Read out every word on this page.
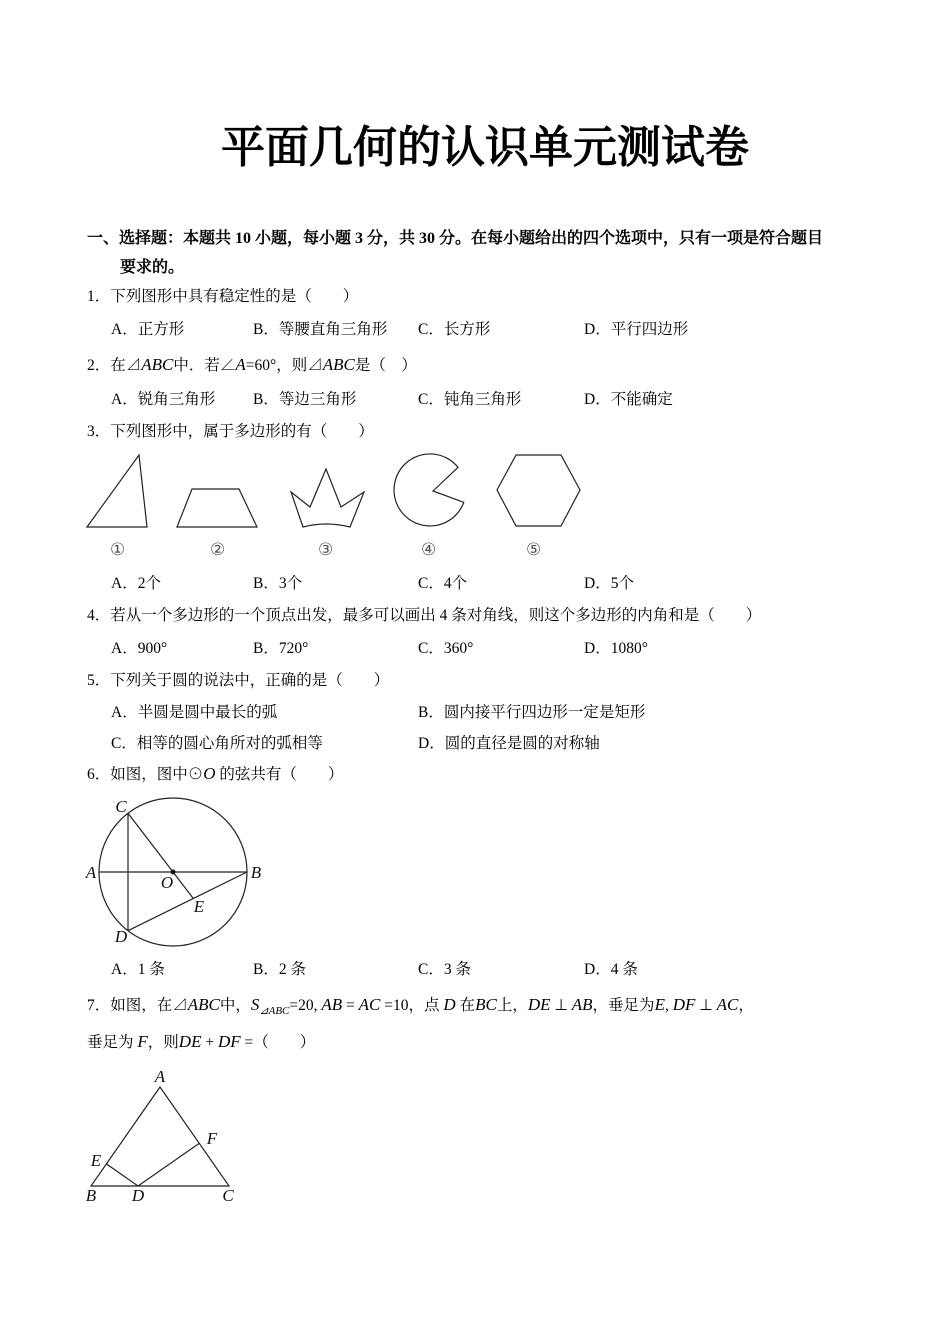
平面几何的认识单元测试卷
一、选择题：本题共 10 小题，每小题 3 分，共 30 分。在每小题给出的四个选项中，只有一项是符合题目
要求的。
1．下列图形中具有稳定性的是（　　）
A．正方形	B．等腰直角三角形 C．长方形	D．平行四边形
2．在⊿ABC中．若∠A=60°，则⊿ABC是（　）
A．锐角三角形 B．等边三角形	C．钝角三角形	D．不能确定
3．下列图形中，属于多边形的有（　　）
①	②	③	④	⑤
A．2个	B．3个	C．4个	D．5个
4．若从一个多边形的一个顶点出发，最多可以画出 4 条对角线，则这个多边形的内角和是（　　）
A．900°	B．720°	C．360°	D．1080°
5．下列关于圆的说法中，正确的是（　　）
A．半圆是圆中最长的弧	B．圆内接平行四边形一定是矩形
C．相等的圆心角所对的弧相等	D．圆的直径是圆的对称轴
6．如图，图中⊙O 的弦共有（　　）
C
A	B
O
E
D
A．1 条	B．2 条	C．3 条	D．4 条
7．如图，在⊿ABC中，$S_{⊿ABC}=20$, AB = AC =10，点 D 在BC上，DE ⊥ AB，垂足为E, DF ⊥ AC，
垂足为 F，则DE + DF =（　　）
A
E
F
B D	C
